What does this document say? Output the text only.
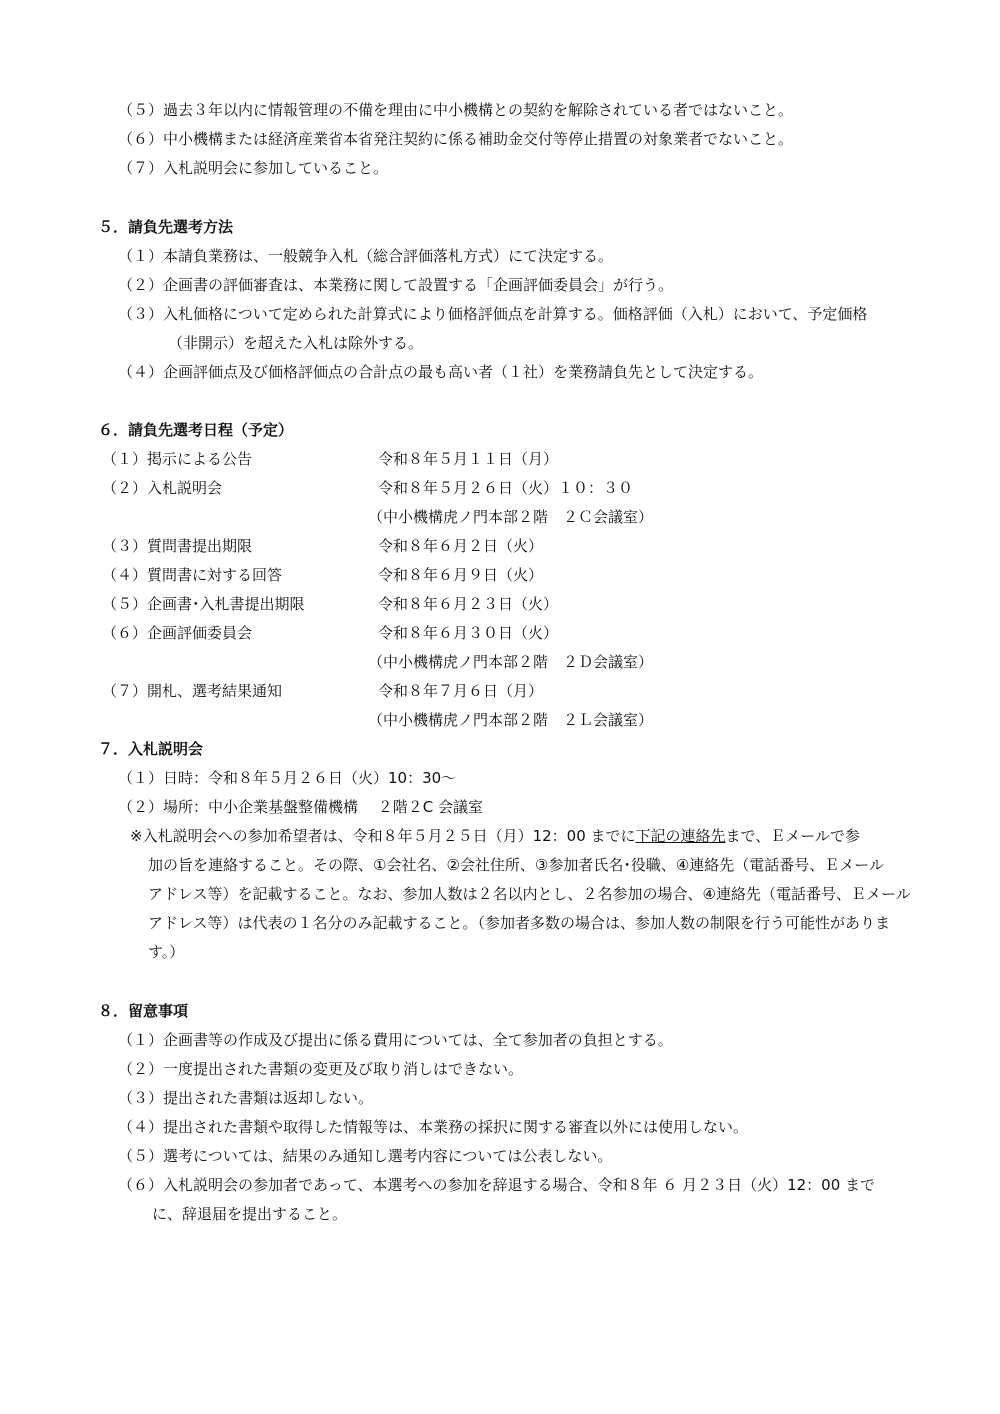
（５）過去３年以内に情報管理の不備を理由に中小機構との契約を解除されている者ではないこと。

（６）中小機構または経済産業省本省発注契約に係る補助金交付等停止措置の対象業者でないこと。

（７）入札説明会に参加していること。

５．請負先選考方法

（１）本請負業務は、一般競争入札（総合評価落札方式）にて決定する。

（２）企画書の評価審査は、本業務に関して設置する「企画評価委員会」が行う。

（３）入札価格について定められた計算式により価格評価点を計算する。価格評価（入札）において、予定価格

（非開示）を超えた入札は除外する。

（４）企画評価点及び価格評価点の合計点の最も高い者（１社）を業務請負先として決定する。

６．請負先選考日程（予定）

（１）掲示による公告	令和８年５月１１日（月）
（２）入札説明会	令和８年５月２６日（火）１０：３０
（中小機構虎ノ門本部２階　２Ｃ会議室）
（３）質問書提出期限	令和８年６月２日（火）
（４）質問書に対する回答	令和８年６月９日（火）
（５）企画書･入札書提出期限	令和８年６月２３日（火）
（６）企画評価委員会	令和８年６月３０日（火）
（中小機構虎ノ門本部２階　２Ｄ会議室）
（７）開札、選考結果通知	令和８年７月６日（月）
（中小機構虎ノ門本部２階　２Ｌ会議室）

７．入札説明会

（１）日時：令和８年５月２６日（火）10：30～

（２）場所：中小企業基盤整備機構　 ２階２C 会議室

※入札説明会への参加希望者は、令和８年５月２５日（月）12：00 までに下記の連絡先まで、Ｅメールで参

加の旨を連絡すること。その際、①会社名、②会社住所、③参加者氏名･役職、④連絡先（電話番号、Ｅメール

アドレス等）を記載すること。なお、参加人数は２名以内とし、２名参加の場合、④連絡先（電話番号、Ｅメール

アドレス等）は代表の１名分のみ記載すること。（参加者多数の場合は、参加人数の制限を行う可能性がありま

す。）

８．留意事項

（１）企画書等の作成及び提出に係る費用については、全て参加者の負担とする。

（２）一度提出された書類の変更及び取り消しはできない。

（３）提出された書類は返却しない。

（４）提出された書類や取得した情報等は、本業務の採択に関する審査以外には使用しない。

（５）選考については、結果のみ通知し選考内容については公表しない。

（６）入札説明会の参加者であって、本選考への参加を辞退する場合、令和８年 ６ 月２３日（火）12：00 まで

に、辞退届を提出すること。
